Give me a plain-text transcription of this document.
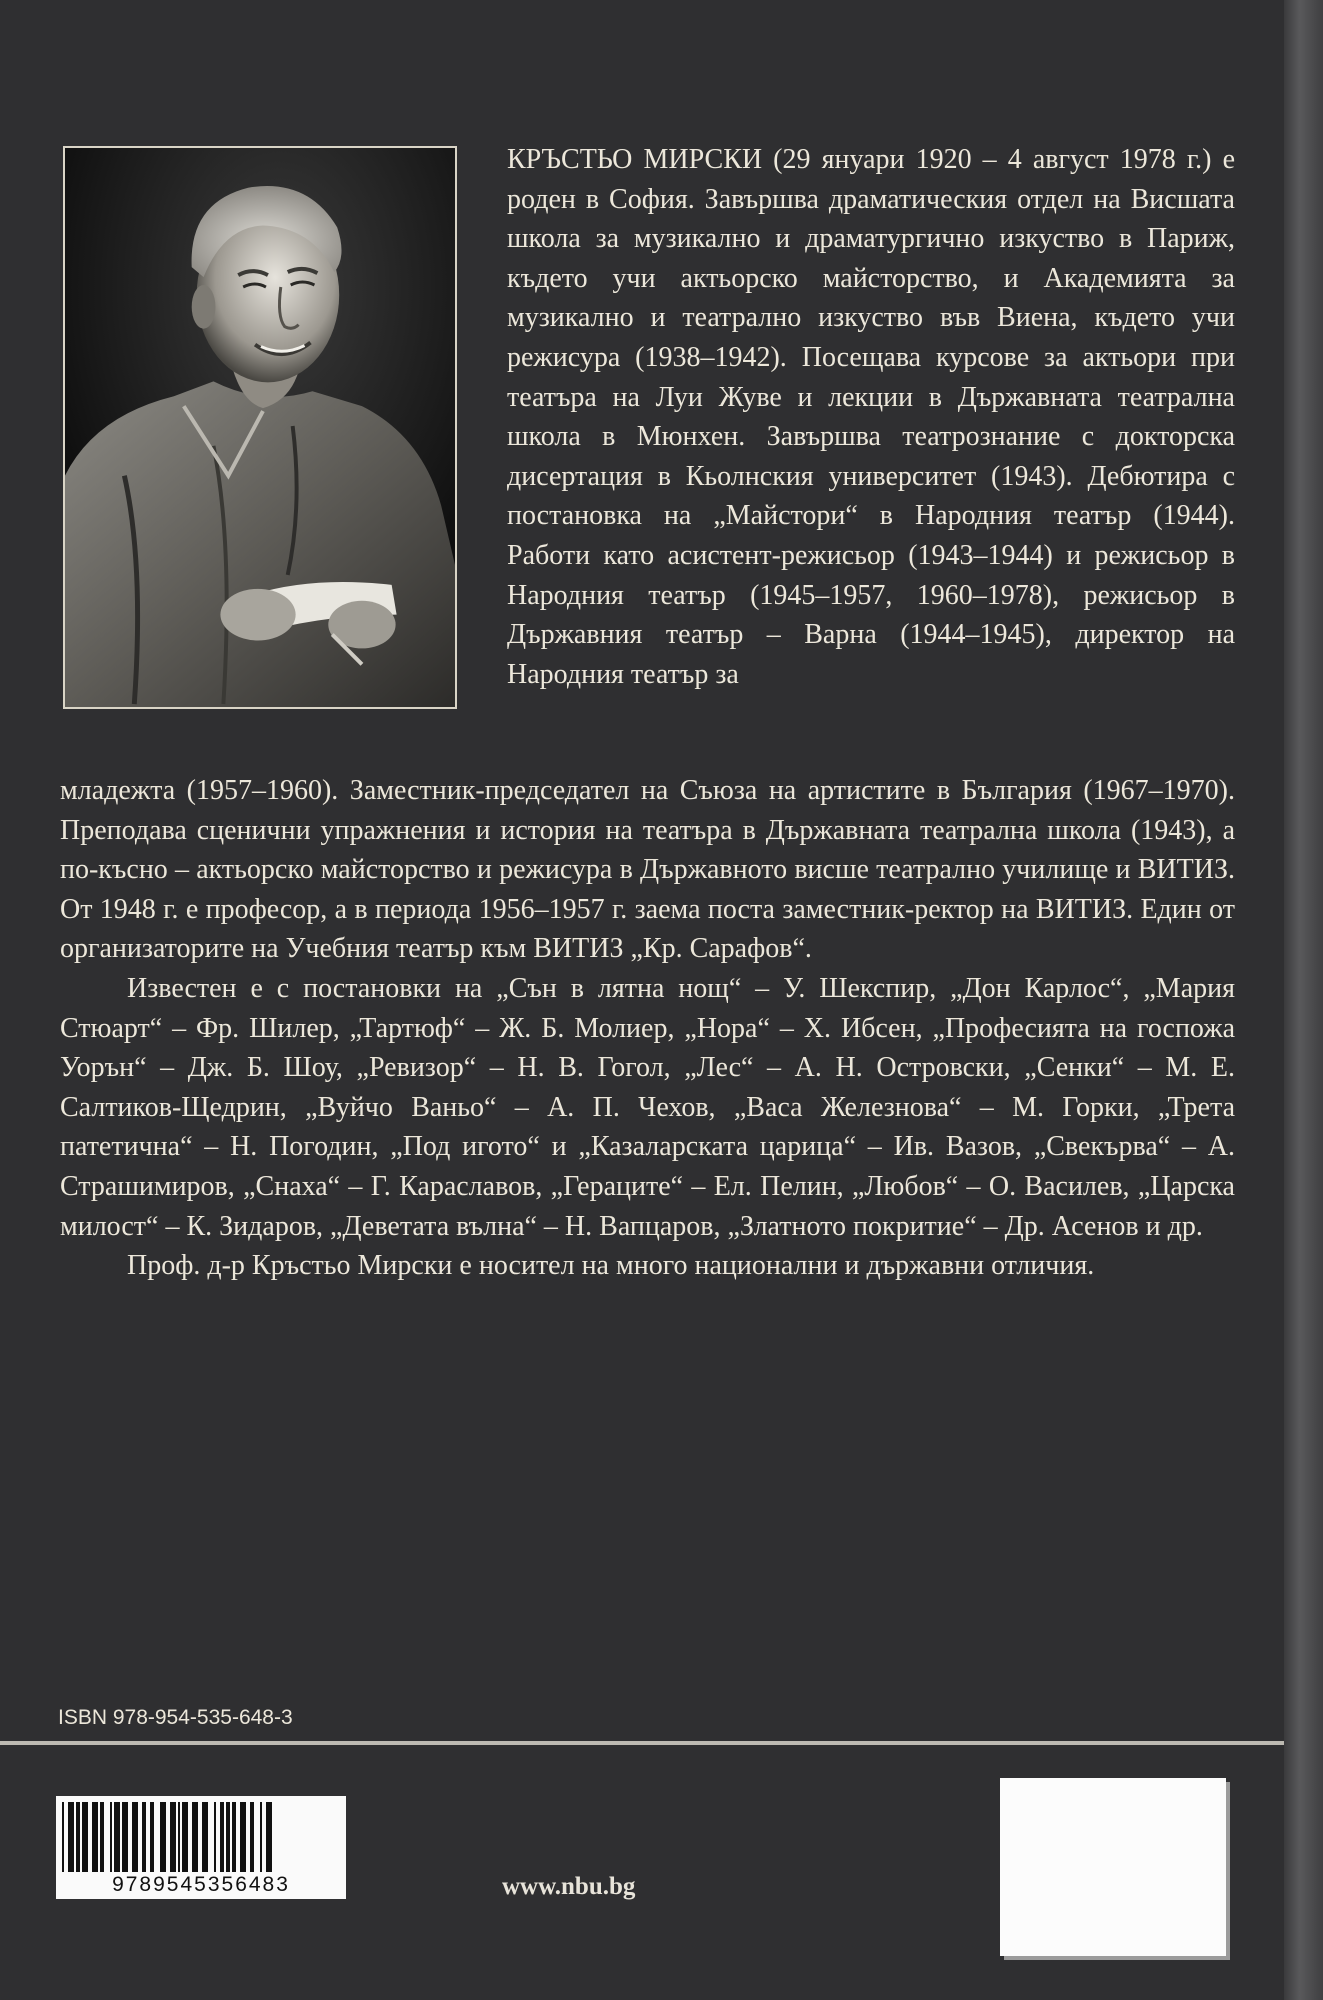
КРЪСТЬО МИРСКИ (29 януари 1920 – 4 август 1978 г.) е роден в София. Завършва драматическия отдел на Висшата школа за музикално и драматургично изкуство в Париж, където учи актьорско майсторство, и Академията за музикално и театрално изкуство във Виена, където учи режисура (1938–1942). Посещава курсове за актьори при театъра на Луи Жуве и лекции в Държавната театрална школа в Мюнхен. Завършва театрознание с докторска дисертация в Кьолнския университет (1943). Дебютира с постановка на „Майстори“ в Народния театър (1944). Работи като асистент-режисьор (1943–1944) и режисьор в Народния театър (1945–1957, 1960–1978), режисьор в Държавния театър – Варна (1944–1945), директор на Народния театър за

младежта (1957–1960). Заместник-председател на Съюза на артистите в България (1967–1970). Преподава сценични упражнения и история на театъра в Държавната театрална школа (1943), а по-късно – актьорско майсторство и режисура в Държавното висше театрално училище и ВИТИЗ. От 1948 г. е професор, а в периода 1956–1957 г. заема поста заместник-ректор на ВИТИЗ. Един от организаторите на Учебния театър към ВИТИЗ „Кр. Сарафов“.

Известен е с постановки на „Сън в лятна нощ“ – У. Шекспир, „Дон Карлос“, „Мария Стюарт“ – Фр. Шилер, „Тартюф“ – Ж. Б. Молиер, „Нора“ – Х. Ибсен, „Професията на госпожа Уорън“ – Дж. Б. Шоу, „Ревизор“ – Н. В. Гогол, „Лес“ – А. Н. Островски, „Сенки“ – М. Е. Салтиков-Щедрин, „Вуйчо Ваньо“ – А. П. Чехов, „Васа Железнова“ – М. Горки, „Трета патетична“ – Н. Погодин, „Под игото“ и „Казаларската царица“ – Ив. Вазов, „Свекърва“ – А. Страшимиров, „Снаха“ – Г. Караславов, „Гераците“ – Ел. Пелин, „Любов“ – О. Василев, „Царска милост“ – К. Зидаров, „Деветата вълна“ – Н. Вапцаров, „Златното покритие“ – Др. Асенов и др.

Проф. д-р Кръстьо Мирски е носител на много национални и държавни отличия.

ISBN 978-954-535-648-3
9789545356483	www.nbu.bg
